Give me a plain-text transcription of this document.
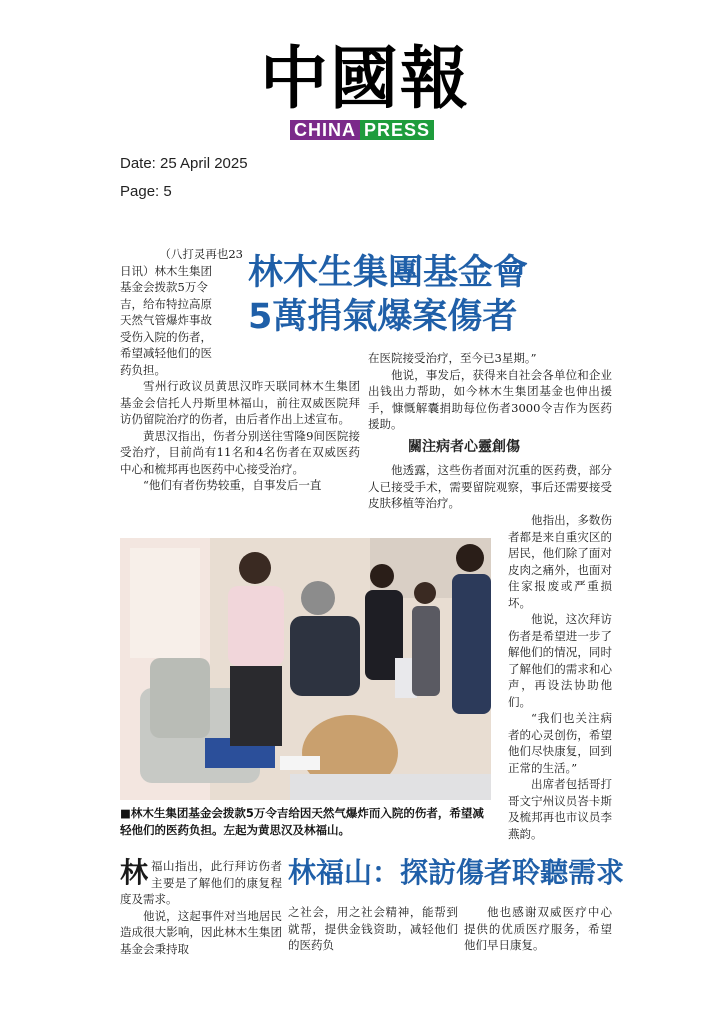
中國報
CHINA PRESS
Date: 25 April 2025
Page: 5
林木生集團基金會
5萬捐氣爆案傷者
（八打灵再也23
日讯）林木生集团
基金会拨款5万令
吉，给布特拉高原
天然气管爆炸事故
受伤入院的伤者，
希望减轻他们的医
药负担。

雪州行政议员黄思汉昨天联同林木生集团基金会信托人丹斯里林福山，前往双威医院拜访仍留院治疗的伤者，由后者作出上述宣布。

黄思汉指出，伤者分别送往雪隆9间医院接受治疗，目前尚有11名和4名伤者在双威医药中心和梳邦再也医药中心接受治疗。

“他们有者伤势较重，自事发后一直

在医院接受治疗，至今已3星期。”

他说，事发后，获得来自社会各单位和企业出钱出力帮助，如今林木生集团基金也伸出援手，慷慨解囊捐助每位伤者3000令吉作为医药援助。

關注病者心靈創傷

他透露，这些伤者面对沉重的医药费，部分人已接受手术，需要留院观察，事后还需要接受皮肤移植等治疗。

■林木生集团基金会拨款5万令吉给因天然气爆炸而入院的伤者，希望减轻他们的医药负担。左起为黄思汉及林福山。

他指出，多数伤者都是来自重灾区的居民，他们除了面对皮肉之痛外，也面对住家报废或严重损坏。

他说，这次拜访伤者是希望进一步了解他们的情况，同时了解他们的需求和心声，再设法协助他们。

“我们也关注病者的心灵创伤，希望他们尽快康复，回到正常的生活。”

出席者包括哥打哥文宁州议员峇卡斯及梳邦再也市议员李燕韵。

林福山：探訪傷者聆聽需求

林福山指出，此行拜访伤者主要是了解他们的康复程度及需求。

他说，这起事件对当地居民造成很大影响，因此林木生集团基金会秉持取

之社会，用之社会精神，能帮到就帮，提供金钱资助，减轻他们的医药负

他也感谢双威医疗中心提供的优质医疗服务，希望他们早日康复。
